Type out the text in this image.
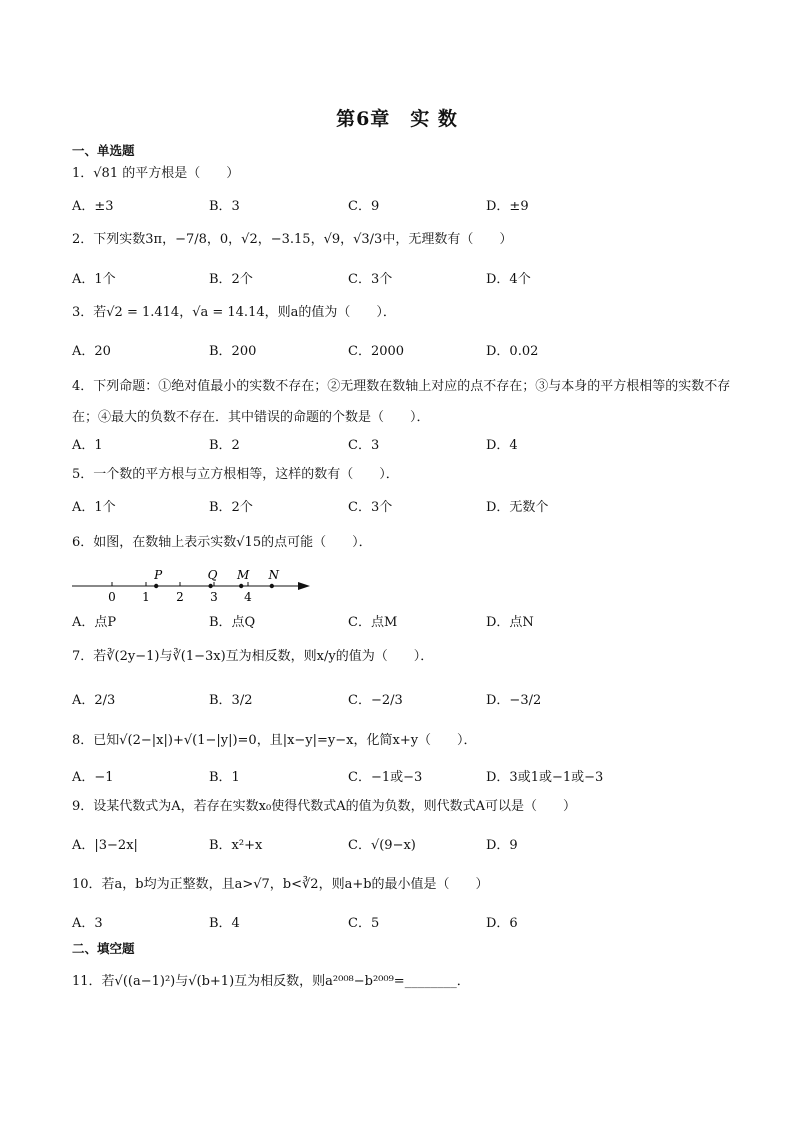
第6章　实 数
一、单选题
1．√81 的平方根是（　　）
A．±3	B．3	C．9	D．±9
2．下列实数3π，−7/8，0，√2，−3.15，√9，√3/3中，无理数有（　　）
A．1个	B．2个	C．3个	D．4个
3．若√2 = 1.414，√a = 14.14，则a的值为（　　）．
A．20	B．200	C．2000	D．0.02
4．下列命题：①绝对值最小的实数不存在；②无理数在数轴上对应的点不存在；③与本身的平方根相等的实数不存在；④最大的负数不存在．其中错误的命题的个数是（　　）．
A．1	B．2	C．3	D．4
5．一个数的平方根与立方根相等，这样的数有（　　）．
A．1个	B．2个	C．3个	D．无数个
6．如图，在数轴上表示实数√15的点可能（　　）．
0 1 2 3 4
P	Q M N
A．点P	B．点Q	C．点M	D．点N
7．若∛(2y−1)与∛(1−3x)互为相反数，则x/y的值为（　　）．
A．2/3	B．3/2	C．−2/3	D．−3/2
8．已知√(2−|x|)+√(1−|y|)=0，且|x−y|=y−x，化简x+y（　　）．
A．−1	B．1	C．−1或−3	D．3或1或−1或−3
9．设某代数式为A，若存在实数x₀使得代数式A的值为负数，则代数式A可以是（　　）
A．|3−2x|	B．x²+x	C．√(9−x)	D．9
10．若a，b均为正整数，且a>√7，b<∛2，则a+b的最小值是（　　）
A．3	B．4	C．5	D．6
二、填空题
11．若√((a−1)²)与√(b+1)互为相反数，则a²⁰⁰⁸−b²⁰⁰⁹=________．
